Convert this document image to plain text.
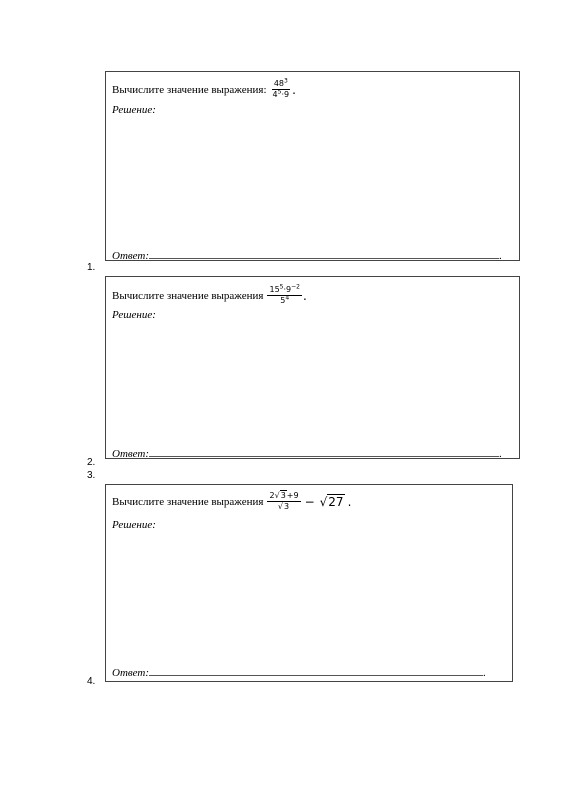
Вычислите значение выражения: $\frac{48^3}{4^5\cdot 9}$ .
Решение:
Ответ:	.
1.
Вычислите значение выражения $\frac{15^5\cdot 9^{-2}}{5^4}$ .
Решение:
Ответ:	.
2.
3.
Вычислите значение выражения $\frac{2√3+9}{√3} - √27$ .
Решение:
Ответ:	.
4.
